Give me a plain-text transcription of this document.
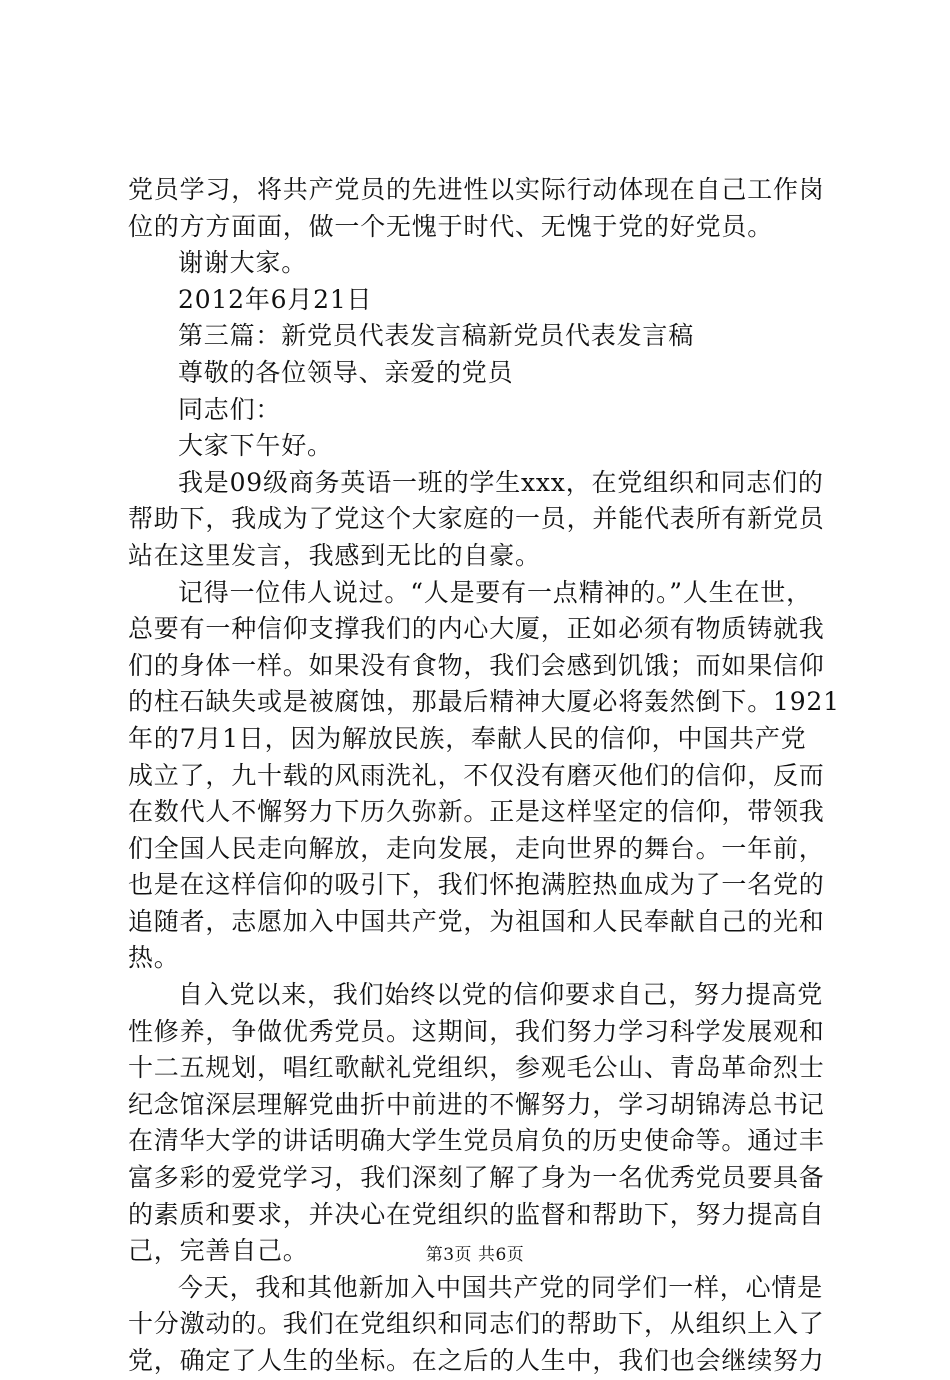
党员学习，将共产党员的先进性以实际行动体现在自己工作岗
位的方方面面，做一个无愧于时代、无愧于党的好党员。
谢谢大家。
2012年6月21日
第三篇：新党员代表发言稿新党员代表发言稿
尊敬的各位领导、亲爱的党员
同志们：
大家下午好。
我是09级商务英语一班的学生xxx，在党组织和同志们的
帮助下，我成为了党这个大家庭的一员，并能代表所有新党员
站在这里发言，我感到无比的自豪。
记得一位伟人说过。“人是要有一点精神的。”人生在世，
总要有一种信仰支撑我们的内心大厦，正如必须有物质铸就我
们的身体一样。如果没有食物，我们会感到饥饿；而如果信仰
的柱石缺失或是被腐蚀，那最后精神大厦必将轰然倒下。1921
年的7月1日，因为解放民族，奉献人民的信仰，中国共产党
成立了，九十载的风雨洗礼，不仅没有磨灭他们的信仰，反而
在数代人不懈努力下历久弥新。正是这样坚定的信仰，带领我
们全国人民走向解放，走向发展，走向世界的舞台。一年前，
也是在这样信仰的吸引下，我们怀抱满腔热血成为了一名党的
追随者，志愿加入中国共产党，为祖国和人民奉献自己的光和
热。
自入党以来，我们始终以党的信仰要求自己，努力提高党
性修养，争做优秀党员。这期间，我们努力学习科学发展观和
十二五规划，唱红歌献礼党组织，参观毛公山、青岛革命烈士
纪念馆深层理解党曲折中前进的不懈努力，学习胡锦涛总书记
在清华大学的讲话明确大学生党员肩负的历史使命等。通过丰
富多彩的爱党学习，我们深刻了解了身为一名优秀党员要具备
的素质和要求，并决心在党组织的监督和帮助下，努力提高自
己，完善自己。
今天，我和其他新加入中国共产党的同学们一样，心情是
十分激动的。我们在党组织和同志们的帮助下，从组织上入了
党，确定了人生的坐标。在之后的人生中，我们也会继续努力
第3页 共6页
